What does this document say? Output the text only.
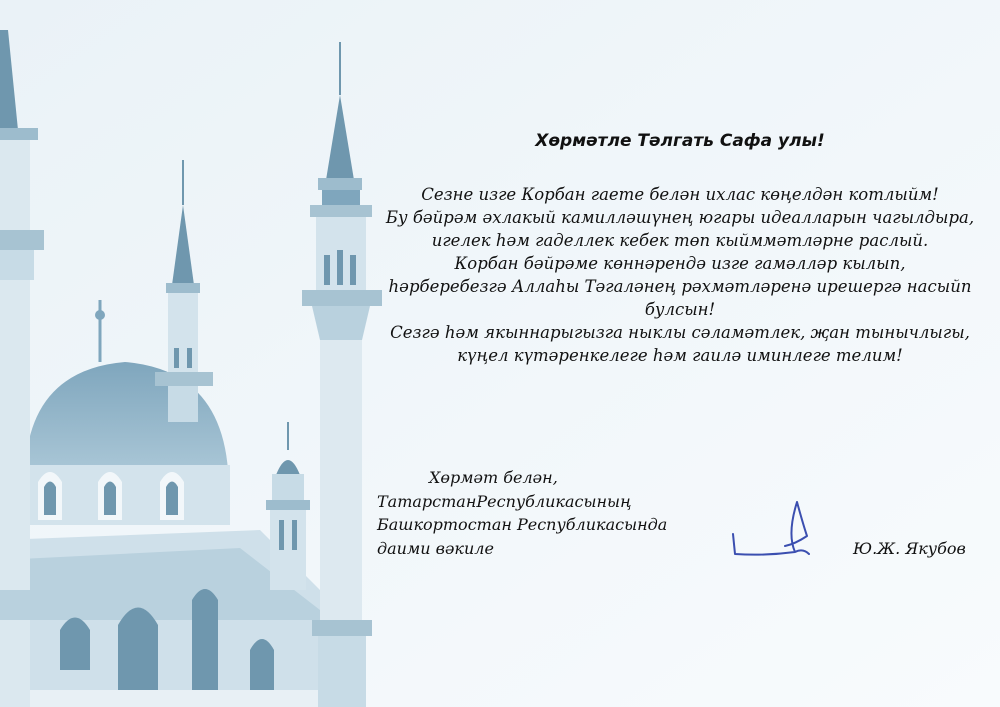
Хөрмәтле Тәлгать Сафа улы!

Сезне изге Корбан гаете белән ихлас көңелдән котлыйм!
Бу бәйрәм әхлакый камилләшүнең югары идеалларын чагылдыра,
игелек һәм гаделлек кебек төп кыйммәтләрне раслый.
Корбан бәйрәме көннәрендә изге гамәлләр кылып,
һәрберебезгә Аллаһы Тәгаләнең рәхмәтләренә ирешергә насыйп
булсын!
Сезгә һәм якыннарыгызга ныклы сәламәтлек, җан тынычлыгы,
күңел күтәренкелеге һәм гаилә иминлеге телим!

Хөрмәт белән,
ТатарстанРеспубликасының
Башкортостан Республикасында
даими вәкиле	Ю.Ж. Якубов
